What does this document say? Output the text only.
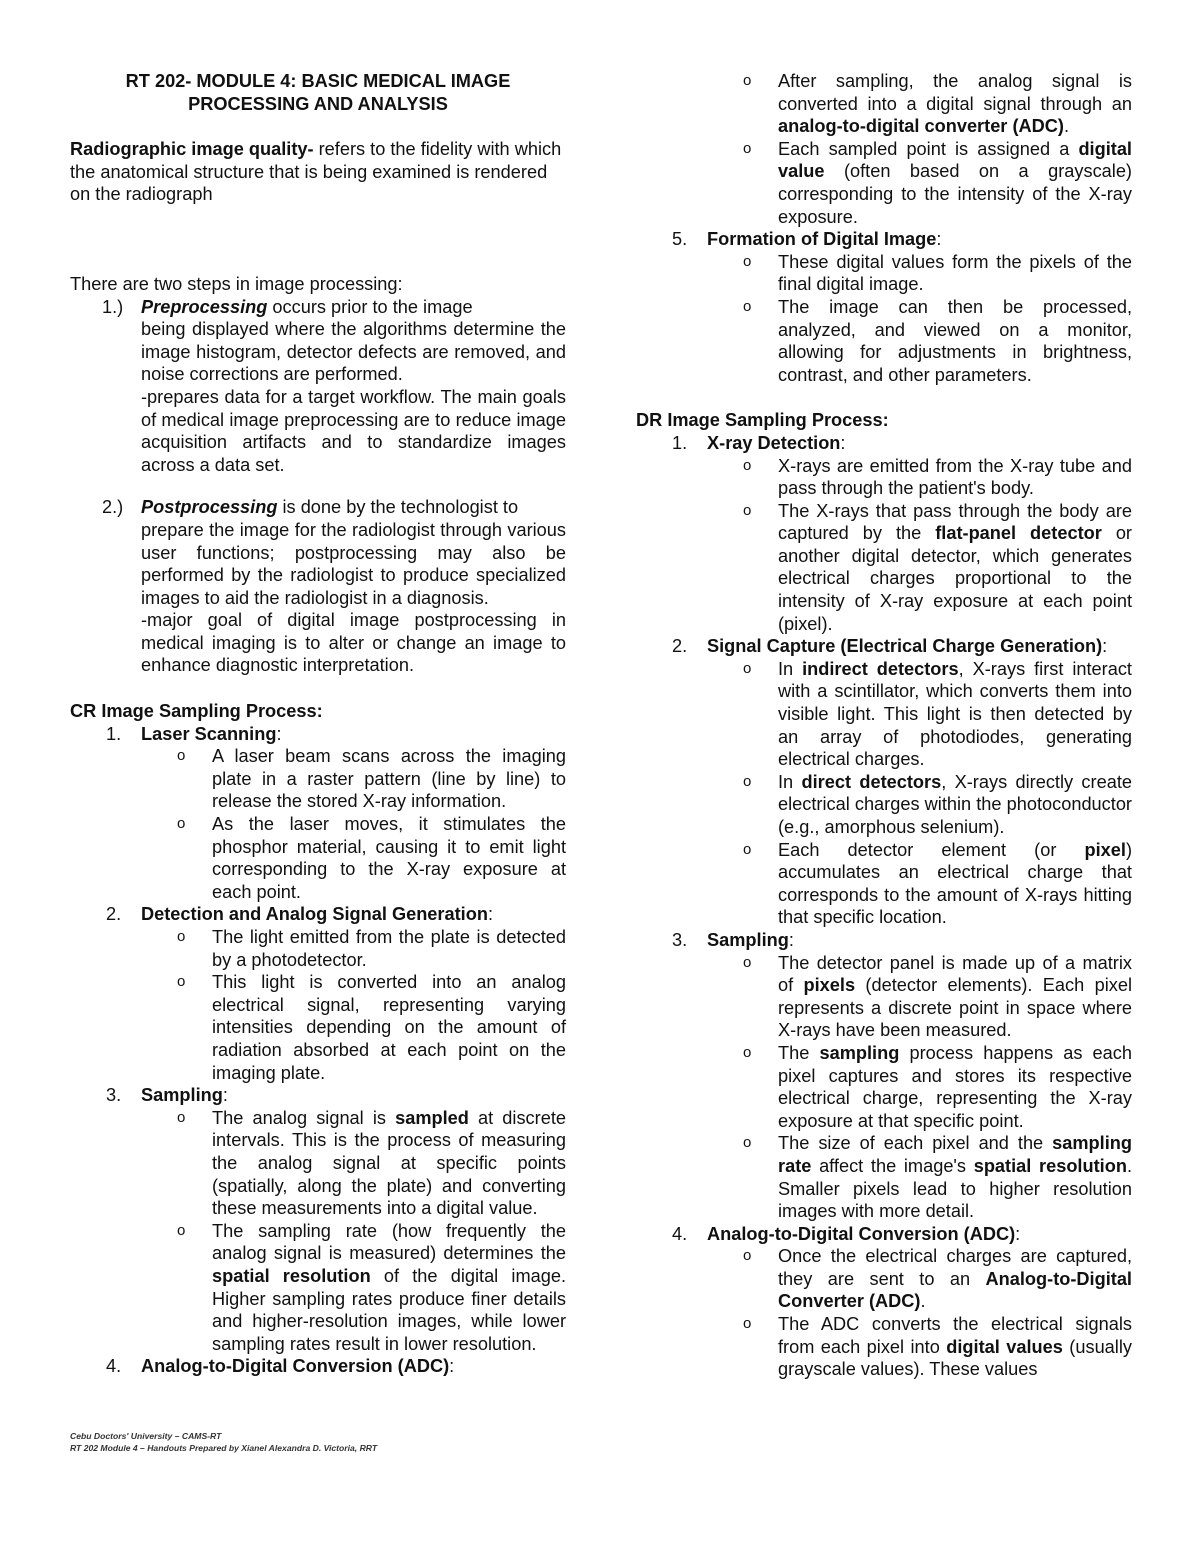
RT 202- MODULE 4: BASIC MEDICAL IMAGE
PROCESSING AND ANALYSIS

Radiographic image quality- refers to the fidelity with which the anatomical structure that is being examined is rendered on the radiograph

There are two steps in image processing:

1.) Preprocessing occurs prior to the image

being displayed where the algorithms determine the image histogram, detector defects are removed, and noise corrections are performed.

-prepares data for a target workflow. The main goals of medical image preprocessing are to reduce image acquisition artifacts and to standardize images across a data set.

2.) Postprocessing is done by the technologist to

prepare the image for the radiologist through various user functions; postprocessing may also be performed by the radiologist to produce specialized images to aid the radiologist in a diagnosis.

-major goal of digital image postprocessing in medical imaging is to alter or change an image to enhance diagnostic interpretation.

CR Image Sampling Process:

1. Laser Scanning:
o A laser beam scans across the imaging plate in a raster pattern (line by line) to release the stored X-ray information.
o As the laser moves, it stimulates the phosphor material, causing it to emit light corresponding to the X-ray exposure at each point.
2. Detection and Analog Signal Generation:
o The light emitted from the plate is detected by a photodetector.
o This light is converted into an analog electrical signal, representing varying intensities depending on the amount of radiation absorbed at each point on the imaging plate.
3. Sampling:
o The analog signal is sampled at discrete intervals. This is the process of measuring the analog signal at specific points (spatially, along the plate) and converting these measurements into a digital value.
o The sampling rate (how frequently the analog signal is measured) determines the spatial resolution of the digital image. Higher sampling rates produce finer details and higher-resolution images, while lower sampling rates result in lower resolution.
4. Analog-to-Digital Conversion (ADC):
o After sampling, the analog signal is converted into a digital signal through an analog-to-digital converter (ADC).
o Each sampled point is assigned a digital value (often based on a grayscale) corresponding to the intensity of the X-ray exposure.
5. Formation of Digital Image:
o These digital values form the pixels of the final digital image.
o The image can then be processed, analyzed, and viewed on a monitor, allowing for adjustments in brightness, contrast, and other parameters.

DR Image Sampling Process:

1. X-ray Detection:
o X-rays are emitted from the X-ray tube and pass through the patient's body.
o The X-rays that pass through the body are captured by the flat-panel detector or another digital detector, which generates electrical charges proportional to the intensity of X-ray exposure at each point (pixel).
2. Signal Capture (Electrical Charge Generation):
o In indirect detectors, X-rays first interact with a scintillator, which converts them into visible light. This light is then detected by an array of photodiodes, generating electrical charges.
o In direct detectors, X-rays directly create electrical charges within the photoconductor (e.g., amorphous selenium).
o Each detector element (or pixel) accumulates an electrical charge that corresponds to the amount of X-rays hitting that specific location.
3. Sampling:
o The detector panel is made up of a matrix of pixels (detector elements). Each pixel represents a discrete point in space where X-rays have been measured.
o The sampling process happens as each pixel captures and stores its respective electrical charge, representing the X-ray exposure at that specific point.
o The size of each pixel and the sampling rate affect the image's spatial resolution. Smaller pixels lead to higher resolution images with more detail.
4. Analog-to-Digital Conversion (ADC):
o Once the electrical charges are captured, they are sent to an Analog-to-Digital Converter (ADC).
o The ADC converts the electrical signals from each pixel into digital values (usually grayscale values). These values
Cebu Doctors' University – CAMS-RT
RT 202 Module 4 – Handouts Prepared by Xianel Alexandra D. Victoria, RRT
